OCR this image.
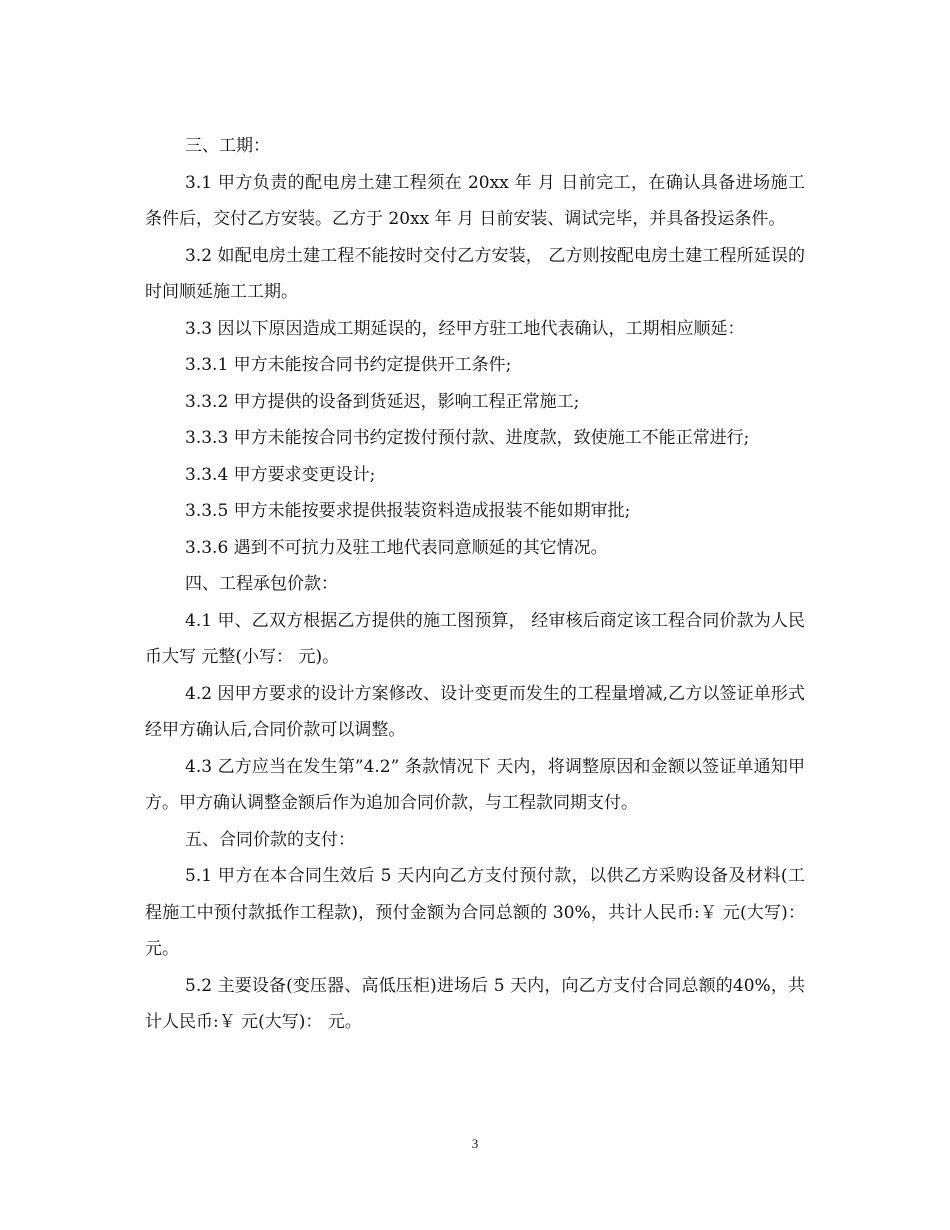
三、工期：

3.1 甲方负责的配电房土建工程须在 20xx 年 月 日前完工，在确认具备进场施工条件后，交付乙方安装。乙方于 20xx 年 月 日前安装、调试完毕，并具备投运条件。

3.2 如配电房土建工程不能按时交付乙方安装， 乙方则按配电房土建工程所延误的时间顺延施工工期。

3.3 因以下原因造成工期延误的，经甲方驻工地代表确认，工期相应顺延：

3.3.1 甲方未能按合同书约定提供开工条件;

3.3.2 甲方提供的设备到货延迟，影响工程正常施工;

3.3.3 甲方未能按合同书约定拨付预付款、进度款，致使施工不能正常进行;

3.3.4 甲方要求变更设计;

3.3.5 甲方未能按要求提供报装资料造成报装不能如期审批;

3.3.6 遇到不可抗力及驻工地代表同意顺延的其它情况。

四、工程承包价款：

4.1 甲、乙双方根据乙方提供的施工图预算， 经审核后商定该工程合同价款为人民币大写 元整(小写： 元)。

4.2 因甲方要求的设计方案修改、设计变更而发生的工程量增减,乙方以签证单形式经甲方确认后,合同价款可以调整。

4.3 乙方应当在发生第”4.2” 条款情况下 天内，将调整原因和金额以签证单通知甲方。甲方确认调整金额后作为追加合同价款，与工程款同期支付。

五、合同价款的支付：

5.1 甲方在本合同生效后 5 天内向乙方支付预付款，以供乙方采购设备及材料(工程施工中预付款抵作工程款)，预付金额为合同总额的 30%，共计人民币:￥ 元(大写)：元。

5.2 主要设备(变压器、高低压柜)进场后 5 天内，向乙方支付合同总额的40%，共计人民币:￥ 元(大写)： 元。

3
